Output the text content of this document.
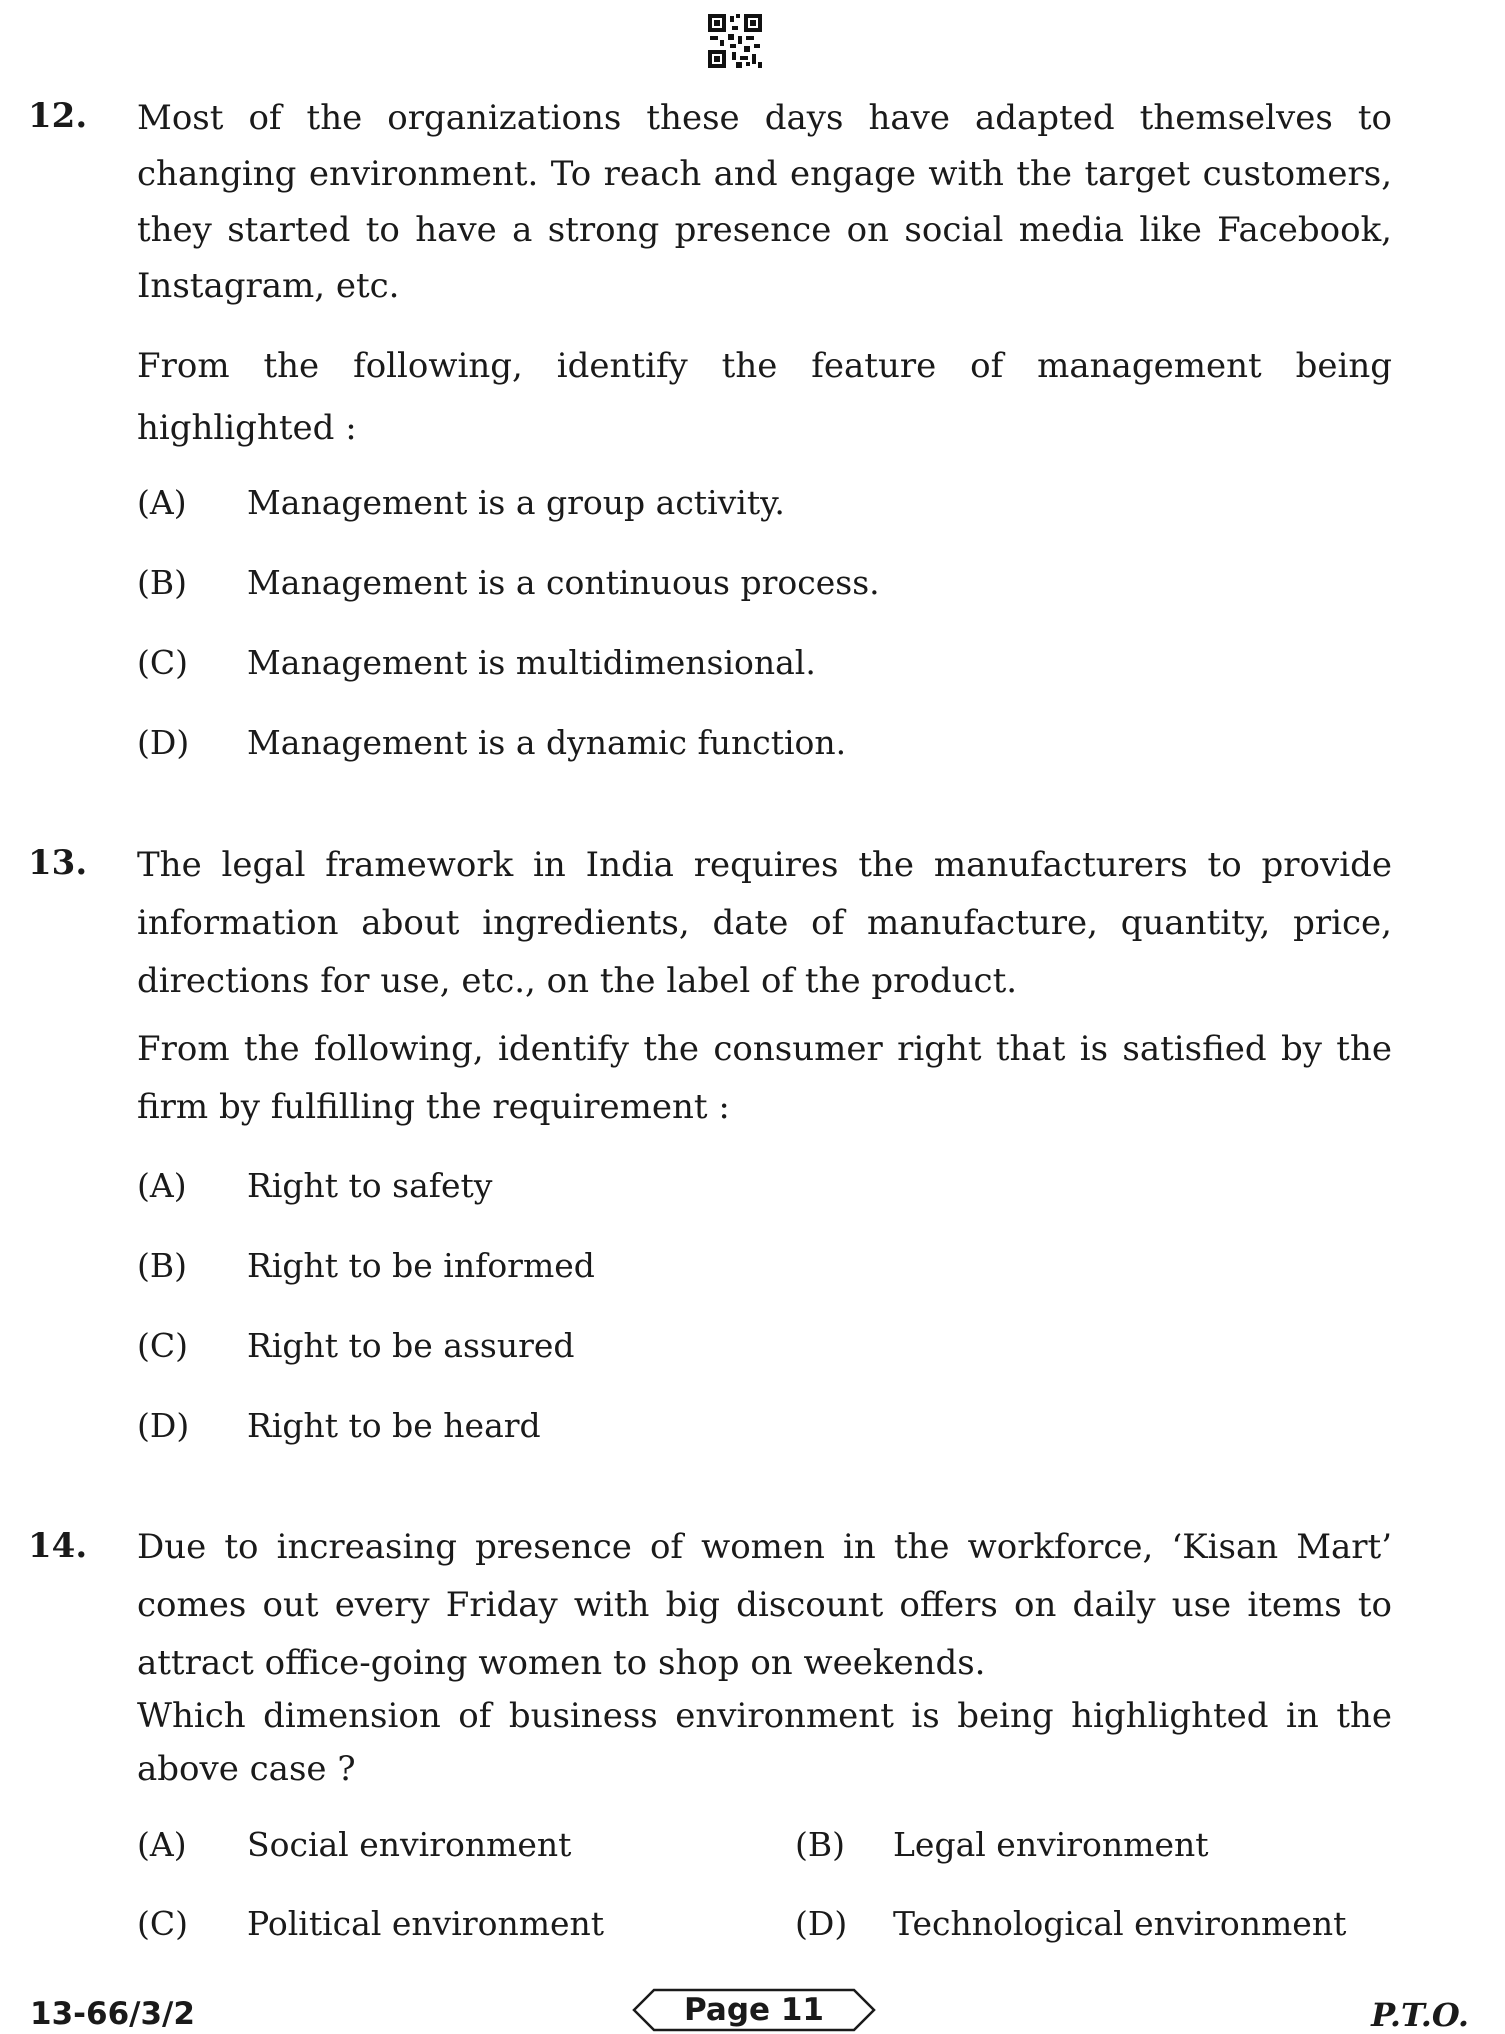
12. Most of the organizations these days have adapted themselves to changing environment. To reach and engage with the target customers, they started to have a strong presence on social media like Facebook, Instagram, etc.
From the following, identify the feature of management being highlighted :
(A) Management is a group activity.
(B) Management is a continuous process.
(C) Management is multidimensional.
(D) Management is a dynamic function.
13. The legal framework in India requires the manufacturers to provide information about ingredients, date of manufacture, quantity, price, directions for use, etc., on the label of the product.
From the following, identify the consumer right that is satisfied by the firm by fulfilling the requirement :
(A) Right to safety
(B) Right to be informed
(C) Right to be assured
(D) Right to be heard
14. Due to increasing presence of women in the workforce, ‘Kisan Mart’ comes out every Friday with big discount offers on daily use items to attract office-going women to shop on weekends.
Which dimension of business environment is being highlighted in the above case ?
(A) Social environment	(B) Legal environment
(C) Political environment	(D) Technological environment
13-66/3/2	Page 11	P.T.O.
